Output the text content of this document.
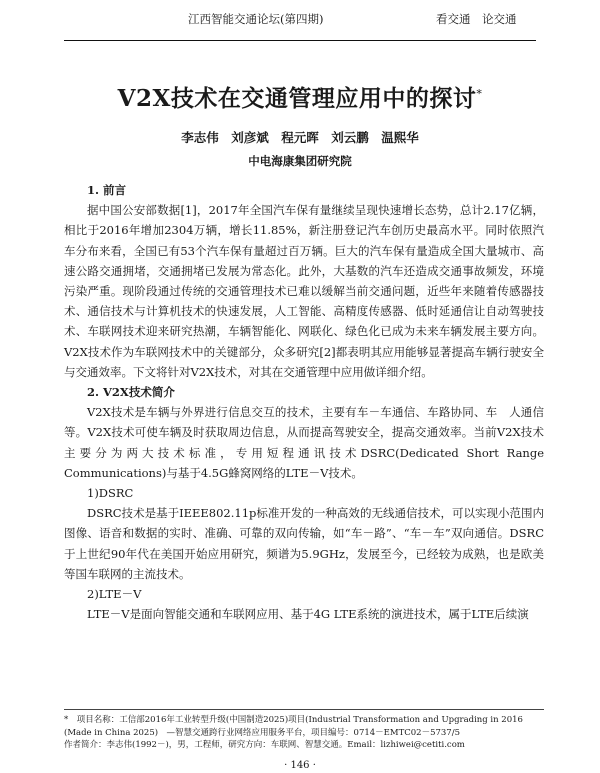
江西智能交通论坛(第四期)	看交通　论交通
V2X技术在交通管理应用中的探讨*
李志伟　刘彦斌　程元晖　刘云鹏　温熙华
中电海康集团研究院

1. 前言

据中国公安部数据[1]，2017年全国汽车保有量继续呈现快速增长态势，总计2.17亿辆，相比于2016年增加2304万辆，增长11.85%，新注册登记汽车创历史最高水平。同时依照汽车分布来看，全国已有53个汽车保有量超过百万辆。巨大的汽车保有量造成全国大量城市、高速公路交通拥堵，交通拥堵已发展为常态化。此外，大基数的汽车还造成交通事故频发，环境污染严重。现阶段通过传统的交通管理技术已难以缓解当前交通问题，近些年来随着传感器技术、通信技术与计算机技术的快速发展，人工智能、高精度传感器、低时延通信让自动驾驶技术、车联网技术迎来研究热潮，车辆智能化、网联化、绿色化已成为未来车辆发展主要方向。V2X技术作为车联网技术中的关键部分，众多研究[2]都表明其应用能够显著提高车辆行驶安全与交通效率。下文将针对V2X技术，对其在交通管理中应用做详细介绍。

2. V2X技术简介

V2X技术是车辆与外界进行信息交互的技术，主要有车－车通信、车路协同、车　人通信等。V2X技术可使车辆及时获取周边信息，从而提高驾驶安全，提高交通效率。当前V2X技术主要分为两大技术标准，专用短程通讯技术DSRC(Dedicated Short Range Communications)与基于4.5G蜂窝网络的LTE－V技术。

1)DSRC

DSRC技术是基于IEEE802.11p标准开发的一种高效的无线通信技术，可以实现小范围内图像、语音和数据的实时、准确、可靠的双向传输，如“车－路”、“车－车”双向通信。DSRC于上世纪90年代在美国开始应用研究，频谱为5.9GHz，发展至今，已经较为成熟，也是欧美等国车联网的主流技术。

2)LTE－V

LTE－V是面向智能交通和车联网应用、基于4G LTE系统的演进技术，属于LTE后续演

*　项目名称：工信部2016年工业转型升级(中国制造2025)项目(Industrial Transformation and Upgrading in 2016

(Made in China 2025)　—智慧交通跨行业网络应用服务平台，项目编号：0714－EMTC02－5737/5

作者简介：李志伟(1992－)，男，工程师，研究方向：车联网、智慧交通。Email：lizhiwei@cetiti.com

· 146 ·
